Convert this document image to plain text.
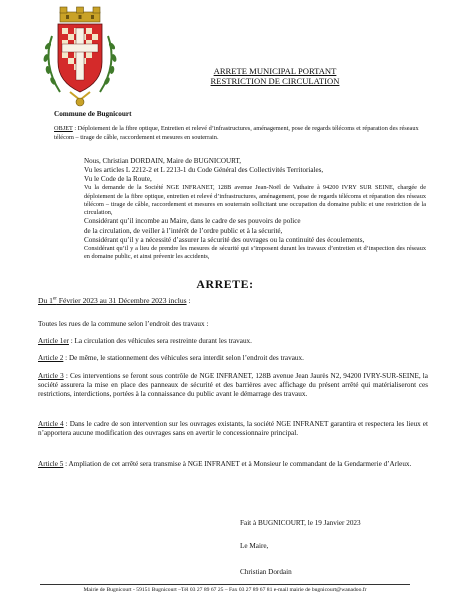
ARRETE MUNICIPAL PORTANT
RESTRICTION DE CIRCULATION
Commune de Bugnicourt
OBJET : Déploiement de la fibre optique, Entretien et relevé d’infrastructures, aménagement, pose de regards télécoms et réparation des réseaux télécom – tirage de câble, raccordement et mesures en souterrain.

Nous, Christian DORDAIN, Maire de BUGNICOURT,

Vu les articles L 2212-2 et L 2213-1 du Code Général des Collectivités Territoriales,

Vu le Code de la Route,

Vu la demande de la Société NGE INFRANET, 128B avenue Jean-Noël de Vathaire à 94200 IVRY SUR SEINE, chargée de déploiement de la fibre optique, entretien et relevé d’infrastructures, aménagement, pose de regards télécoms et réparation des réseaux télécom – tirage de câble, raccordement et mesures en souterrain sollicitant une occupation du domaine public et une restriction de la circulation,

Considérant qu’il incombe au Maire, dans le cadre de ses pouvoirs de police

de la circulation, de veiller à l’intérêt de l’ordre public et à la sécurité,

Considérant qu’il y a nécessité d’assurer la sécurité des ouvrages ou la continuité des écoulements,

Considérant qu’il y a lieu de prendre les mesures de sécurité qui s’imposent durant les travaux d’entretien et d’inspection des réseaux en domaine public, et ainsi prévenir les accidents,

ARRETE:
Du 1er Février 2023 au 31 Décembre 2023 inclus :
Toutes les rues de la commune selon l’endroit des travaux :
Article 1er : La circulation des véhicules sera restreinte durant les travaux.
Article 2 : De même, le stationnement des véhicules sera interdit selon l’endroit des travaux.
Article 3 : Ces interventions se feront sous contrôle de NGE INFRANET, 128B avenue Jean Jaurès N2, 94200 IVRY-SUR-SEINE, la société assurera la mise en place des panneaux de sécurité et des barrières avec affichage du présent arrêté qui matérialiseront ces restrictions, interdictions, portées à la connaissance du public avant le démarrage des travaux.
Article 4 : Dans le cadre de son intervention sur les ouvrages existants, la société NGE INFRANET garantira et respectera les lieux et n’apportera aucune modification des ouvrages sans en avertir le concessionnaire principal.
Article 5 : Ampliation de cet arrêté sera transmise à NGE INFRANET et à Monsieur le commandant de la Gendarmerie d’Arleux.
Fait à BUGNICOURT, le 19 Janvier 2023
Le Maire,
Christian Dordain
Mairie de Bugnicourt - 59151 Bugnicourt –Tél 03 27 89 67 25 – Fax 03 27 89 67 81 e-mail mairie de bugnicourt@wanadoo.fr
